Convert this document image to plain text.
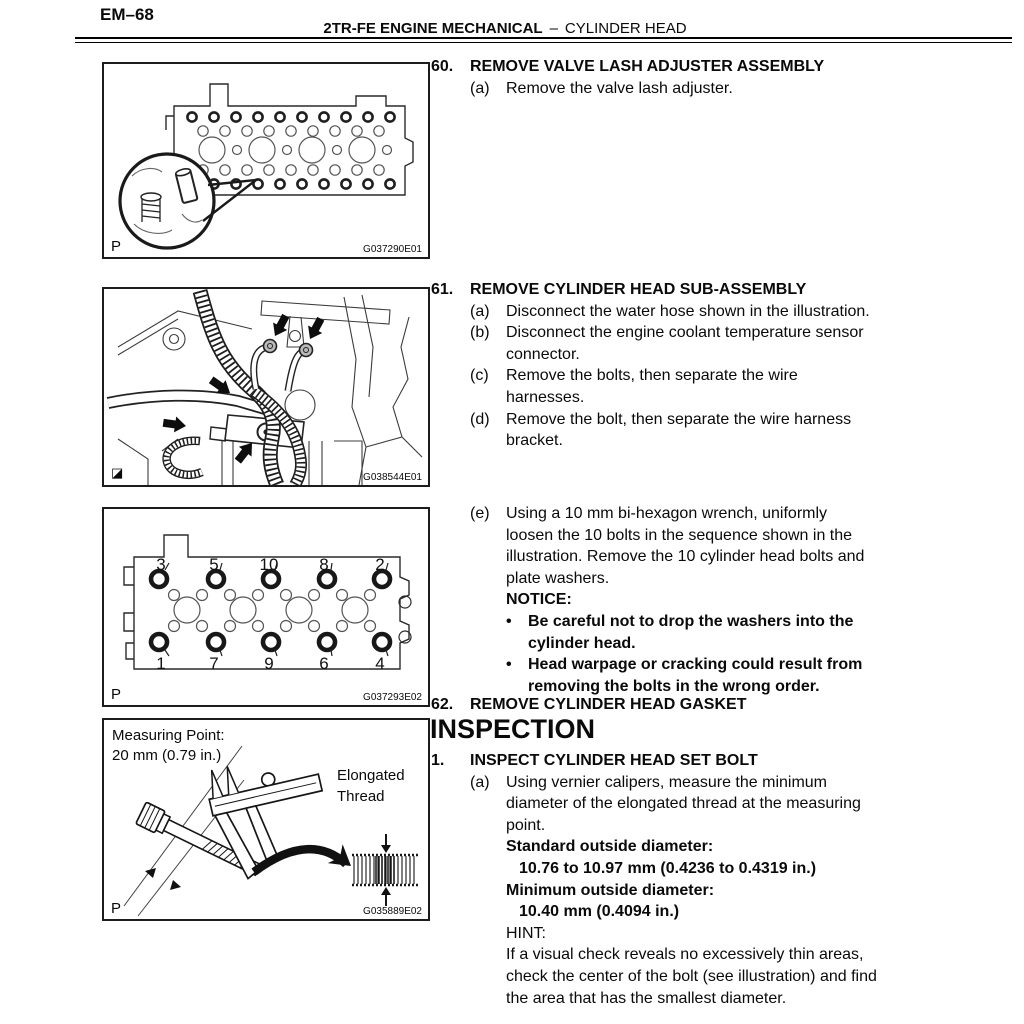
EM–68
2TR-FE ENGINE MECHANICAL – CYLINDER HEAD
P	G037290E01
◪	G038544E01
3	5 10 8	2
1	7	9	6	4
P	G037293E02
Measuring Point:
20 mm (0.79 in.)
Elongated
Thread
P	G035889E02
60.	REMOVE VALVE LASH ADJUSTER ASSEMBLY
(a)	Remove the valve lash adjuster.
61.	REMOVE CYLINDER HEAD SUB-ASSEMBLY
(a)	Disconnect the water hose shown in the illustration.
(b)	Disconnect the engine coolant temperature sensor
connector.
(c)	Remove the bolts, then separate the wire
harnesses.
(d)	Remove the bolt, then separate the wire harness
bracket.
(e)	Using a 10 mm bi-hexagon wrench, uniformly
loosen the 10 bolts in the sequence shown in the
illustration. Remove the 10 cylinder head bolts and
plate washers.
NOTICE:
•	Be careful not to drop the washers into the
cylinder head.
•	Head warpage or cracking could result from
removing the bolts in the wrong order.
62.	REMOVE CYLINDER HEAD GASKET
INSPECTION
1.	INSPECT CYLINDER HEAD SET BOLT
(a)	Using vernier calipers, measure the minimum
diameter of the elongated thread at the measuring
point.
Standard outside diameter:
10.76 to 10.97 mm (0.4236 to 0.4319 in.)
Minimum outside diameter:
10.40 mm (0.4094 in.)
HINT:
If a visual check reveals no excessively thin areas,
check the center of the bolt (see illustration) and find
the area that has the smallest diameter.
